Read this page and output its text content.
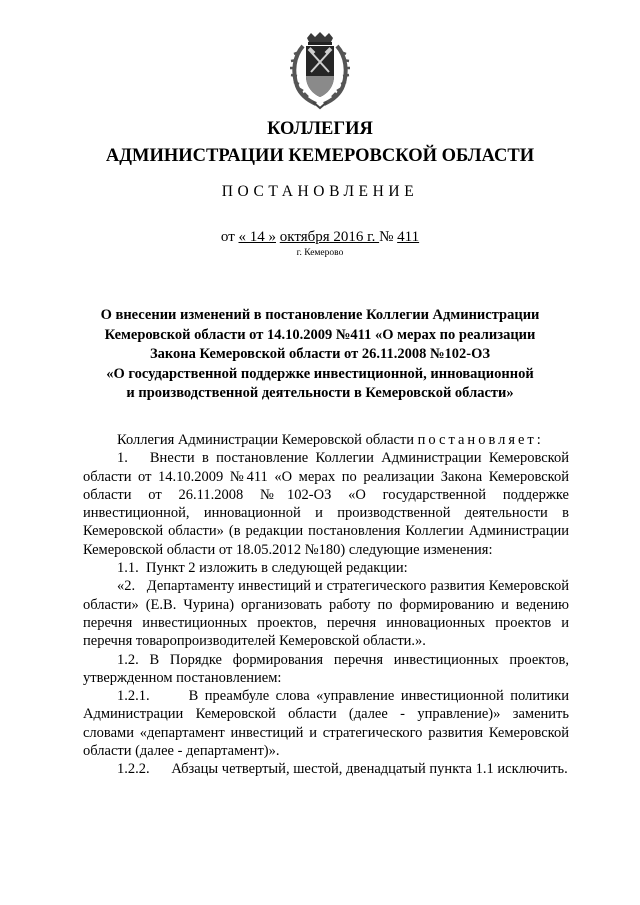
КОЛЛЕГИЯ
АДМИНИСТРАЦИИ КЕМЕРОВСКОЙ ОБЛАСТИ
ПОСТАНОВЛЕНИЕ
от « 14 » октября 2016 г. № 411
г. Кемерово
О внесении изменений в постановление Коллегии Администрации
Кемеровской области от 14.10.2009 №411 «О мерах по реализации
Закона Кемеровской области от 26.11.2008 №102-ОЗ
«О государственной поддержке инвестиционной, инновационной
и производственной деятельности в Кемеровской области»

Коллегия Администрации Кемеровской области постановляет:

1.   Внести в постановление Коллегии Администрации Кемеровской области от 14.10.2009 №411 «О мерах по реализации Закона Кемеровской области от 26.11.2008 №102-ОЗ «О государственной поддержке инвестиционной, инновационной и производственной деятельности в Кемеровской области» (в редакции постановления Коллегии Администрации Кемеровской области от 18.05.2012 №180) следующие изменения:

1.1.  Пункт 2 изложить в следующей редакции:

«2.   Департаменту инвестиций и стратегического развития Кемеровской области» (Е.В. Чурина) организовать работу по формированию и ведению перечня инвестиционных проектов, перечня инновационных проектов и перечня товаропроизводителей Кемеровской области.».

1.2. В Порядке формирования перечня инвестиционных проектов, утвержденном постановлением:

1.2.1.      В преамбуле слова «управление инвестиционной политики Администрации Кемеровской области (далее - управление)» заменить словами «департамент инвестиций и стратегического развития Кемеровской области (далее - департамент)».

1.2.2.      Абзацы четвертый, шестой, двенадцатый пункта 1.1 исключить.
